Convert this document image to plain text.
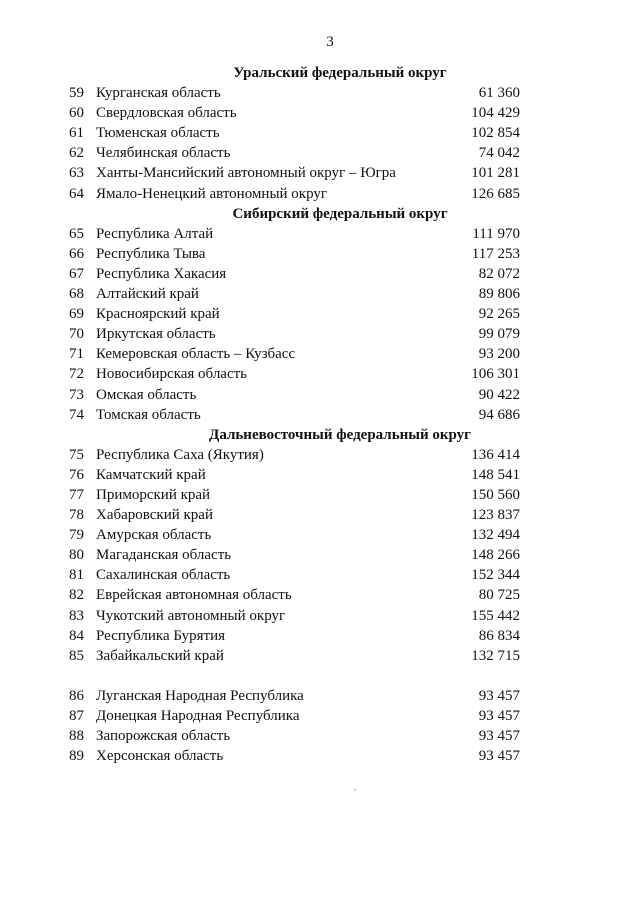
3
Уральский федеральный округ
59 Курганская область	61 360
60 Свердловская область	104 429
61 Тюменская область	102 854
62 Челябинская область	74 042
63 Ханты-Мансийский автономный округ – Югра	101 281
64 Ямало-Ненецкий автономный округ	126 685
Сибирский федеральный округ
65 Республика Алтай	111 970
66 Республика Тыва	117 253
67 Республика Хакасия	82 072
68 Алтайский край	89 806
69 Красноярский край	92 265
70 Иркутская область	99 079
71 Кемеровская область – Кузбасс	93 200
72 Новосибирская область	106 301
73 Омская область	90 422
74 Томская область	94 686
Дальневосточный федеральный округ
75 Республика Саха (Якутия)	136 414
76 Камчатский край	148 541
77 Приморский край	150 560
78 Хабаровский край	123 837
79 Амурская область	132 494
80 Магаданская область	148 266
81 Сахалинская область	152 344
82 Еврейская автономная область	80 725
83 Чукотский автономный округ	155 442
84 Республика Бурятия	86 834
85 Забайкальский край	132 715
86 Луганская Народная Республика	93 457
87 Донецкая Народная Республика	93 457
88 Запорожская область	93 457
89 Херсонская область	93 457
